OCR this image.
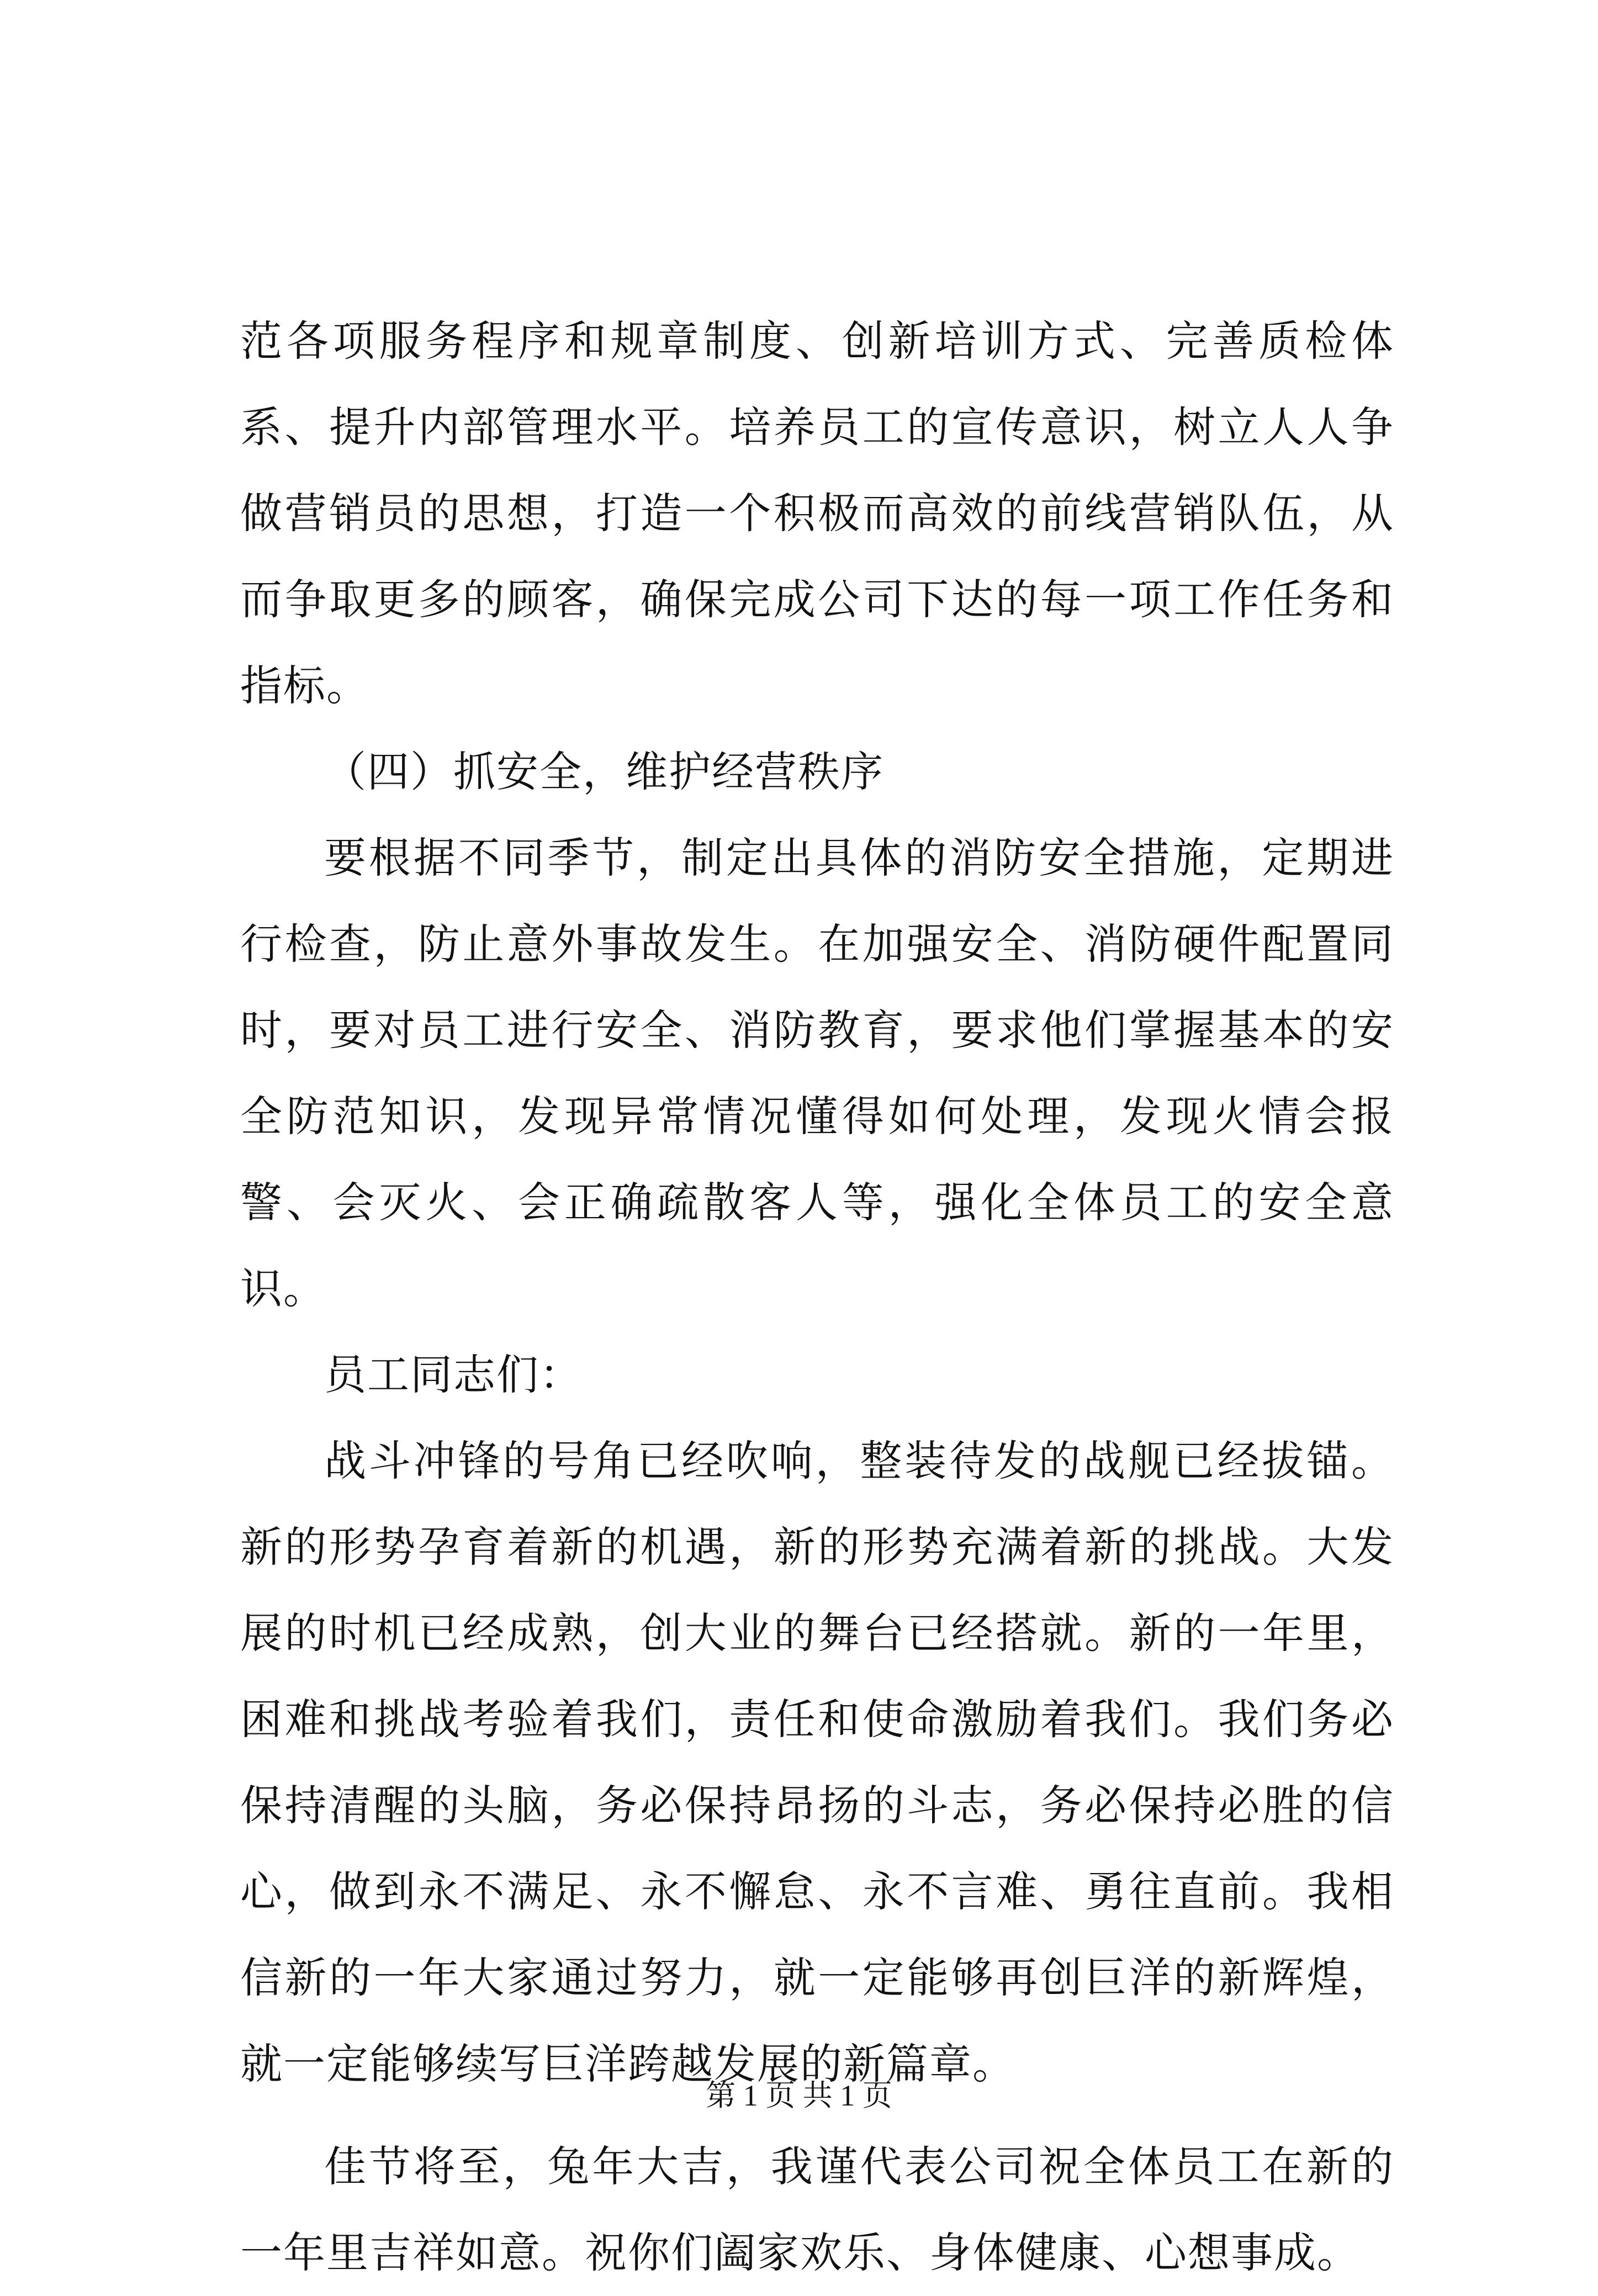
范各项服务程序和规章制度、创新培训方式、完善质检体系、提升内部管理水平。培养员工的宣传意识，树立人人争做营销员的思想，打造一个积极而高效的前线营销队伍，从而争取更多的顾客，确保完成公司下达的每一项工作任务和指标。

（四）抓安全，维护经营秩序

要根据不同季节，制定出具体的消防安全措施，定期进行检查，防止意外事故发生。在加强安全、消防硬件配置同时，要对员工进行安全、消防教育，要求他们掌握基本的安全防范知识，发现异常情况懂得如何处理，发现火情会报警、会灭火、会正确疏散客人等，强化全体员工的安全意识。

员工同志们：

战斗冲锋的号角已经吹响，整装待发的战舰已经拔锚。新的形势孕育着新的机遇，新的形势充满着新的挑战。大发展的时机已经成熟，创大业的舞台已经搭就。新的一年里，困难和挑战考验着我们，责任和使命激励着我们。我们务必保持清醒的头脑，务必保持昂扬的斗志，务必保持必胜的信心，做到永不满足、永不懈怠、永不言难、勇往直前。我相信新的一年大家通过努力，就一定能够再创巨洋的新辉煌，就一定能够续写巨洋跨越发展的新篇章。

佳节将至，兔年大吉，我谨代表公司祝全体员工在新的一年里吉祥如意。祝你们阖家欢乐、身体健康、心想事成。

第 1 页 共 1 页
